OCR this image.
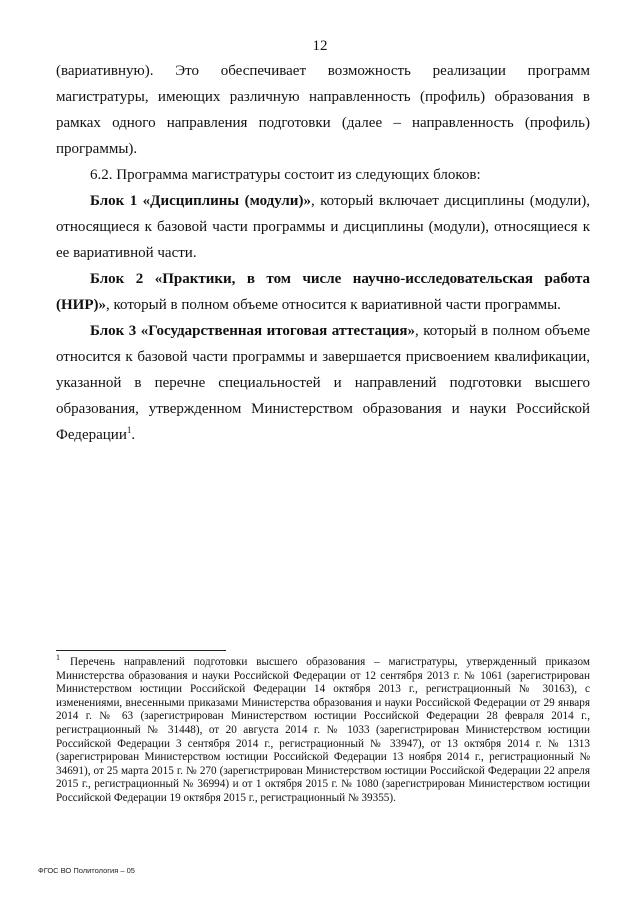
12

(вариативную). Это обеспечивает возможность реализации программ магистратуры, имеющих различную направленность (профиль) образования в рамках одного направления подготовки (далее – направленность (профиль) программы).

6.2. Программа магистратуры состоит из следующих блоков:

Блок 1 «Дисциплины (модули)», который включает дисциплины (модули), относящиеся к базовой части программы и дисциплины (модули), относящиеся к ее вариативной части.

Блок 2 «Практики, в том числе научно-исследовательская работа (НИР)», который в полном объеме относится к вариативной части программы.

Блок 3 «Государственная итоговая аттестация», который в полном объеме относится к базовой части программы и завершается присвоением квалификации, указанной в перечне специальностей и направлений подготовки высшего образования, утвержденном Министерством образования и науки Российской Федерации$^1$.

$^1$ Перечень направлений подготовки высшего образования – магистратуры, утвержденный приказом Министерства образования и науки Российской Федерации от 12 сентября 2013 г. № 1061 (зарегистрирован Министерством юстиции Российской Федерации 14 октября 2013 г., регистрационный № 30163), с изменениями, внесенными приказами Министерства образования и науки Российской Федерации от 29 января 2014 г. № 63 (зарегистрирован Министерством юстиции Российской Федерации 28 февраля 2014 г., регистрационный № 31448), от 20 августа 2014 г. № 1033 (зарегистрирован Министерством юстиции Российской Федерации 3 сентября 2014 г., регистрационный № 33947), от 13 октября 2014 г. № 1313 (зарегистрирован Министерством юстиции Российской Федерации 13 ноября 2014 г., регистрационный № 34691), от 25 марта 2015 г. № 270 (зарегистрирован Министерством юстиции Российской Федерации 22 апреля 2015 г., регистрационный № 36994) и от 1 октября 2015 г. № 1080 (зарегистрирован Министерством юстиции Российской Федерации 19 октября 2015 г., регистрационный № 39355).
ФГОС ВО Политология – 05
